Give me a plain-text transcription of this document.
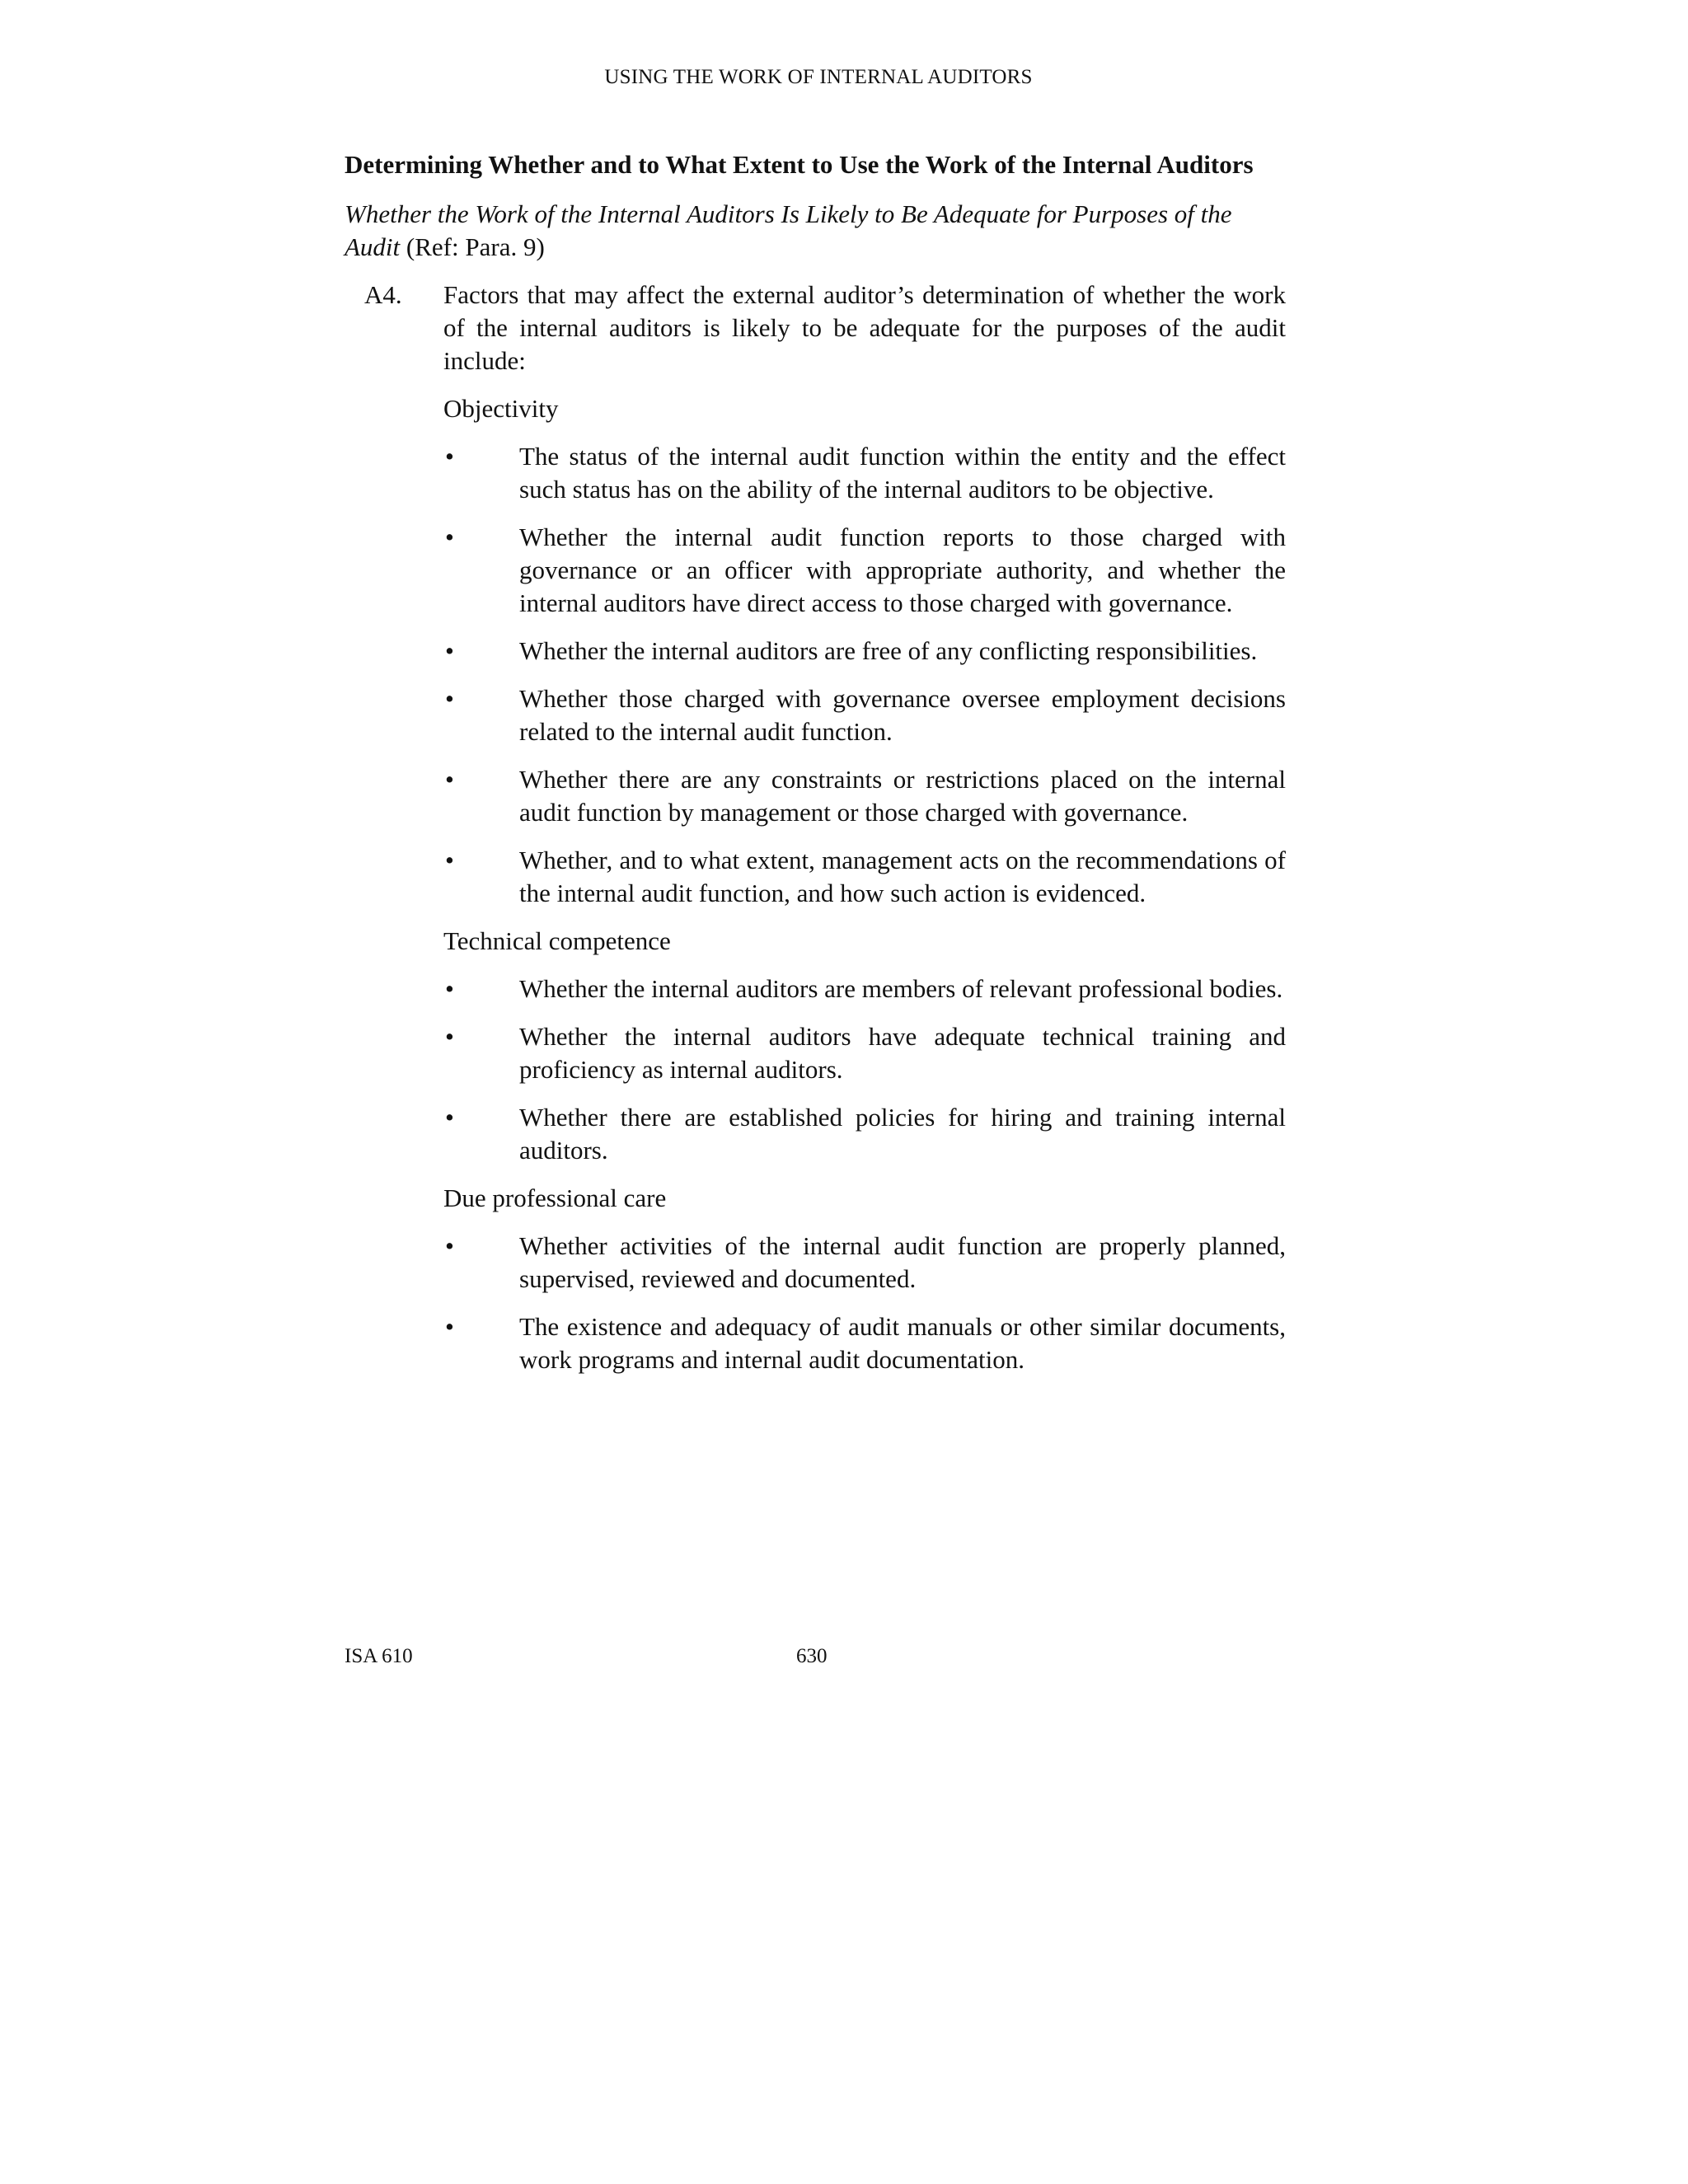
USING THE WORK OF INTERNAL AUDITORS
Determining Whether and to What Extent to Use the Work of the Internal Auditors
Whether the Work of the Internal Auditors Is Likely to Be Adequate for Purposes of the Audit (Ref: Para. 9)
A4. Factors that may affect the external auditor’s determination of whether the work of the internal auditors is likely to be adequate for the purposes of the audit include:
Objectivity
•	The status of the internal audit function within the entity and the effect such status has on the ability of the internal auditors to be objective.
•	Whether the internal audit function reports to those charged with governance or an officer with appropriate authority, and whether the internal auditors have direct access to those charged with governance.
•	Whether the internal auditors are free of any conflicting responsibilities.
•	Whether those charged with governance oversee employment decisions related to the internal audit function.
•	Whether there are any constraints or restrictions placed on the internal audit function by management or those charged with governance.
•	Whether, and to what extent, management acts on the recommendations of the internal audit function, and how such action is evidenced.
Technical competence
•	Whether the internal auditors are members of relevant professional bodies.
•	Whether the internal auditors have adequate technical training and proficiency as internal auditors.
•	Whether there are established policies for hiring and training internal auditors.
Due professional care
•	Whether activities of the internal audit function are properly planned, supervised, reviewed and documented.
•	The existence and adequacy of audit manuals or other similar documents, work programs and internal audit documentation.
ISA 610	630
